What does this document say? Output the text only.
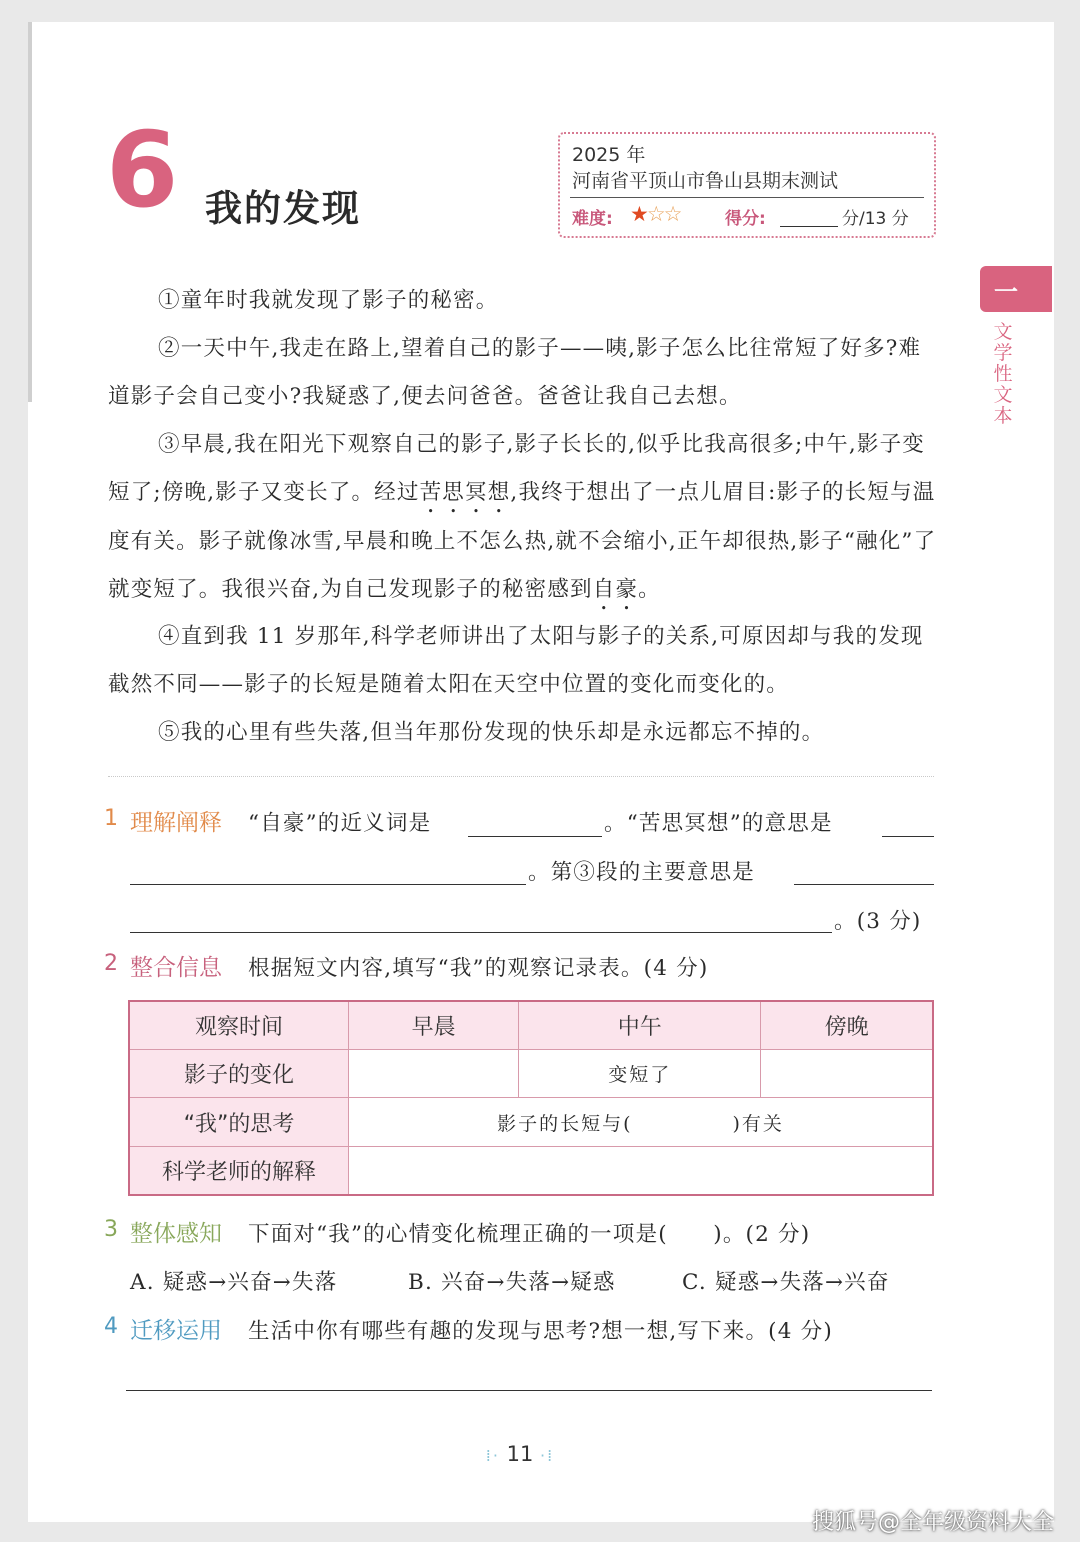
6 我的发现
2025 年
河南省平顶山市鲁山县期末测试
难度: ★☆☆	得分:	分/13 分
一
文学性文本

①童年时我就发现了影子的秘密。

②一天中午,我走在路上,望着自己的影子——咦,影子怎么比往常短了好多?难道影子会自己变小?我疑惑了,便去问爸爸。爸爸让我自己去想。

③早晨,我在阳光下观察自己的影子,影子长长的,似乎比我高很多;中午,影子变短了;傍晚,影子又变长了。经过苦思冥想,我终于想出了一点儿眉目:影子的长短与温度有关。影子就像冰雪,早晨和晚上不怎么热,就不会缩小,正午却很热,影子“融化”了就变短了。我很兴奋,为自己发现影子的秘密感到自豪。

④直到我 11 岁那年,科学老师讲出了太阳与影子的关系,可原因却与我的发现截然不同——影子的长短是随着太阳在天空中位置的变化而变化的。

⑤我的心里有些失落,但当年那份发现的快乐却是永远都忘不掉的。

1 理解阐释 “自豪”的近义词是	。“苦思冥想”的意思是
。第③段的主要意思是
。(3 分)
2 整合信息 根据短文内容,填写“我”的观察记录表。(4 分)
观察时间	早晨	中午	傍晚
影子的变化		变短了	
“我”的思考	影子的长短与( )有关		
科学老师的解释			
3 整体感知 下面对“我”的心情变化梳理正确的一项是(　　)。(2 分)
A. 疑惑→兴奋→失落	B. 兴奋→失落→疑惑	C. 疑惑→失落→兴奋
4 迁移运用 生活中你有哪些有趣的发现与思考?想一想,写下来。(4 分)
⁞· 11 ·⁞
搜狐号@全年级资料大全
